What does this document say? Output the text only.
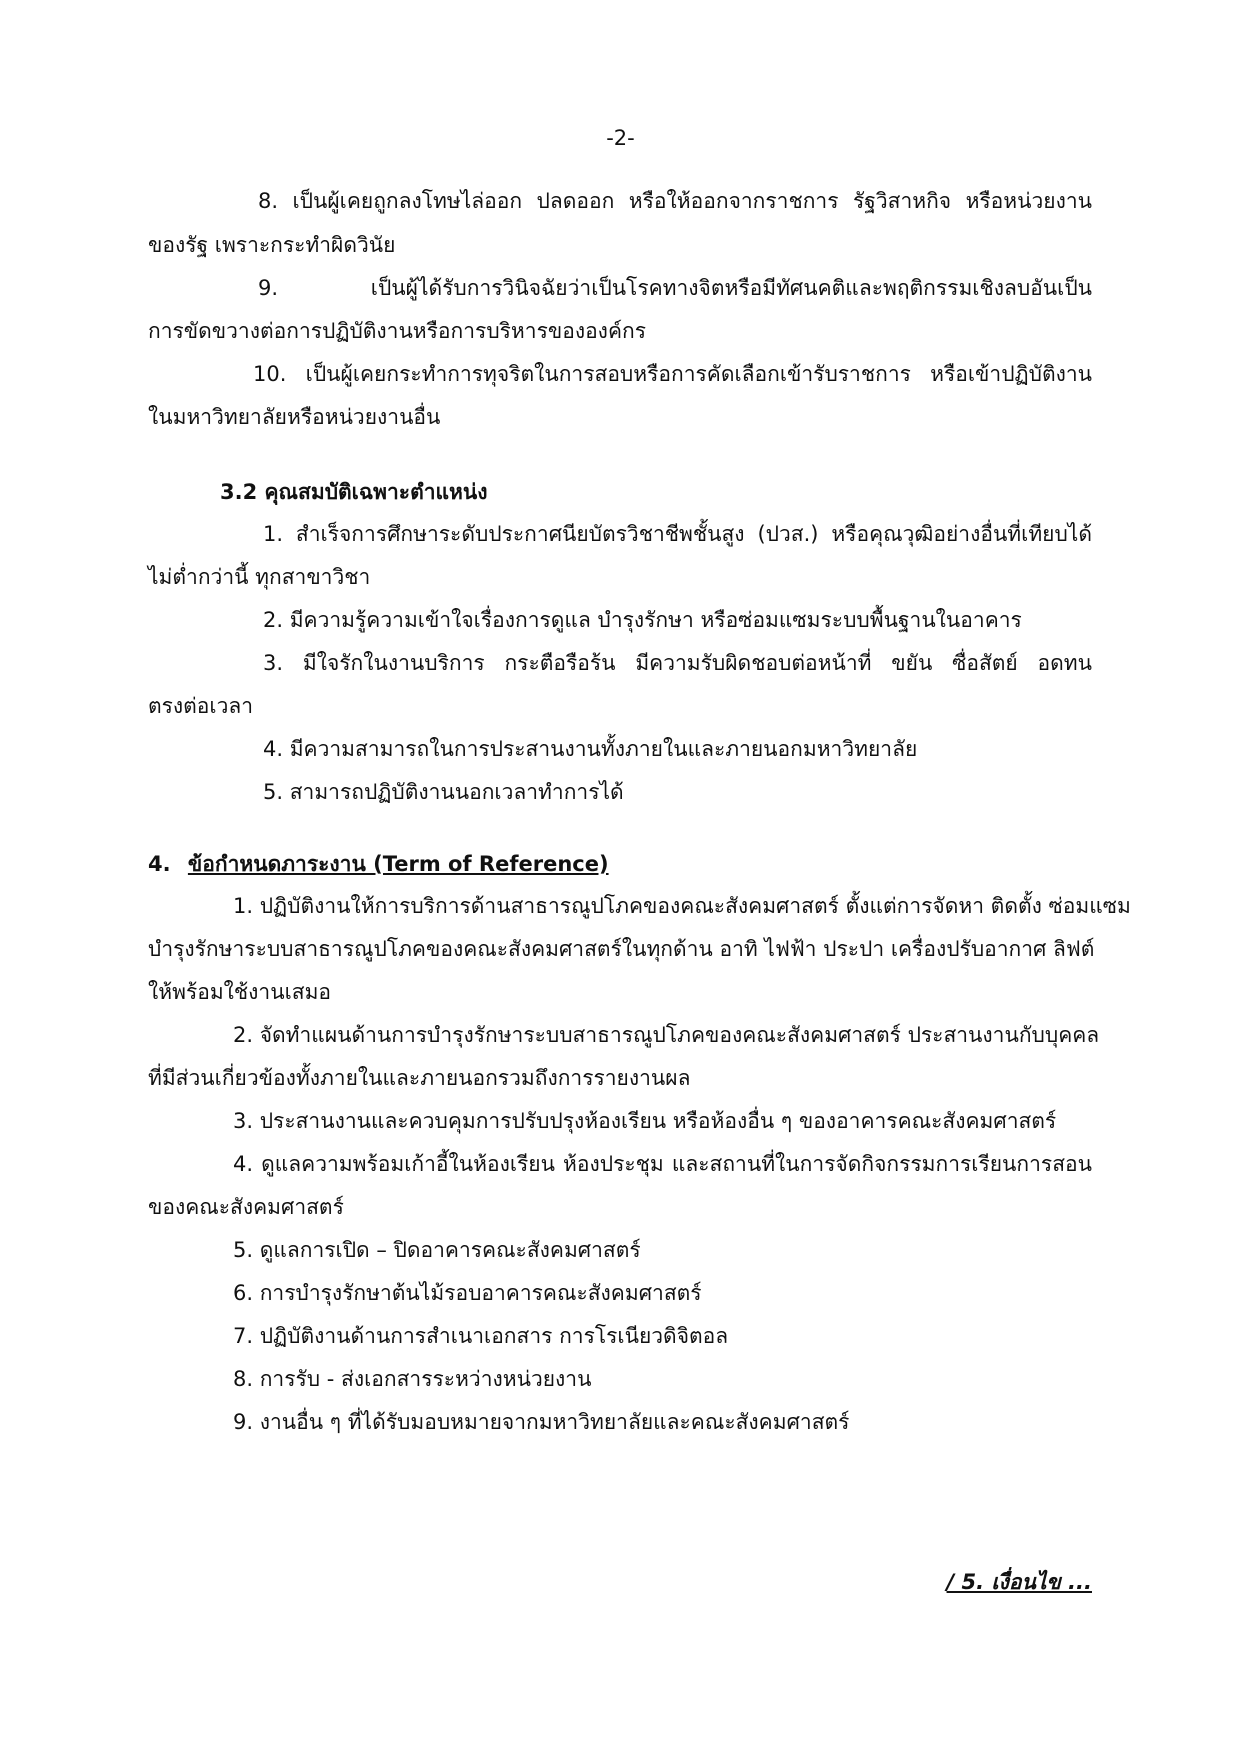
-2-
8. เป็นผู้เคยถูกลงโทษไล่ออก ปลดออก หรือให้ออกจากราชการ รัฐวิสาหกิจ หรือหน่วยงาน
ของรัฐ เพราะกระทำผิดวินัย
9. เป็นผู้ได้รับการวินิจฉัยว่าเป็นโรคทางจิตหรือมีทัศนคติและพฤติกรรมเชิงลบอันเป็น
การขัดขวางต่อการปฏิบัติงานหรือการบริหารขององค์กร
10. เป็นผู้เคยกระทำการทุจริตในการสอบหรือการคัดเลือกเข้ารับราชการ หรือเข้าปฏิบัติงาน
ในมหาวิทยาลัยหรือหน่วยงานอื่น
3.2 คุณสมบัติเฉพาะตำแหน่ง
1. สำเร็จการศึกษาระดับประกาศนียบัตรวิชาชีพชั้นสูง (ปวส.) หรือคุณวุฒิอย่างอื่นที่เทียบได้
ไม่ต่ำกว่านี้ ทุกสาขาวิชา
2. มีความรู้ความเข้าใจเรื่องการดูแล บำรุงรักษา หรือซ่อมแซมระบบพื้นฐานในอาคาร
3. มีใจรักในงานบริการ กระตือรือร้น มีความรับผิดชอบต่อหน้าที่ ขยัน ซื่อสัตย์ อดทน
ตรงต่อเวลา
4. มีความสามารถในการประสานงานทั้งภายในและภายนอกมหาวิทยาลัย
5. สามารถปฏิบัติงานนอกเวลาทำการได้
4. ข้อกำหนดภาระงาน (Term of Reference)
1. ปฏิบัติงานให้การบริการด้านสาธารณูปโภคของคณะสังคมศาสตร์ ตั้งแต่การจัดหา ติดตั้ง ซ่อมแซม
บำรุงรักษาระบบสาธารณูปโภคของคณะสังคมศาสตร์ในทุกด้าน อาทิ ไฟฟ้า ประปา เครื่องปรับอากาศ ลิฟต์
ให้พร้อมใช้งานเสมอ
2. จัดทำแผนด้านการบำรุงรักษาระบบสาธารณูปโภคของคณะสังคมศาสตร์ ประสานงานกับบุคคล
ที่มีส่วนเกี่ยวข้องทั้งภายในและภายนอกรวมถึงการรายงานผล
3. ประสานงานและควบคุมการปรับปรุงห้องเรียน หรือห้องอื่น ๆ ของอาคารคณะสังคมศาสตร์
4. ดูแลความพร้อมเก้าอี้ในห้องเรียน ห้องประชุม และสถานที่ในการจัดกิจกรรมการเรียนการสอน
ของคณะสังคมศาสตร์
5. ดูแลการเปิด – ปิดอาคารคณะสังคมศาสตร์
6. การบำรุงรักษาต้นไม้รอบอาคารคณะสังคมศาสตร์
7. ปฏิบัติงานด้านการสำเนาเอกสาร การโรเนียวดิจิตอล
8. การรับ - ส่งเอกสารระหว่างหน่วยงาน
9. งานอื่น ๆ ที่ได้รับมอบหมายจากมหาวิทยาลัยและคณะสังคมศาสตร์
/ 5. เงื่อนไข ...
